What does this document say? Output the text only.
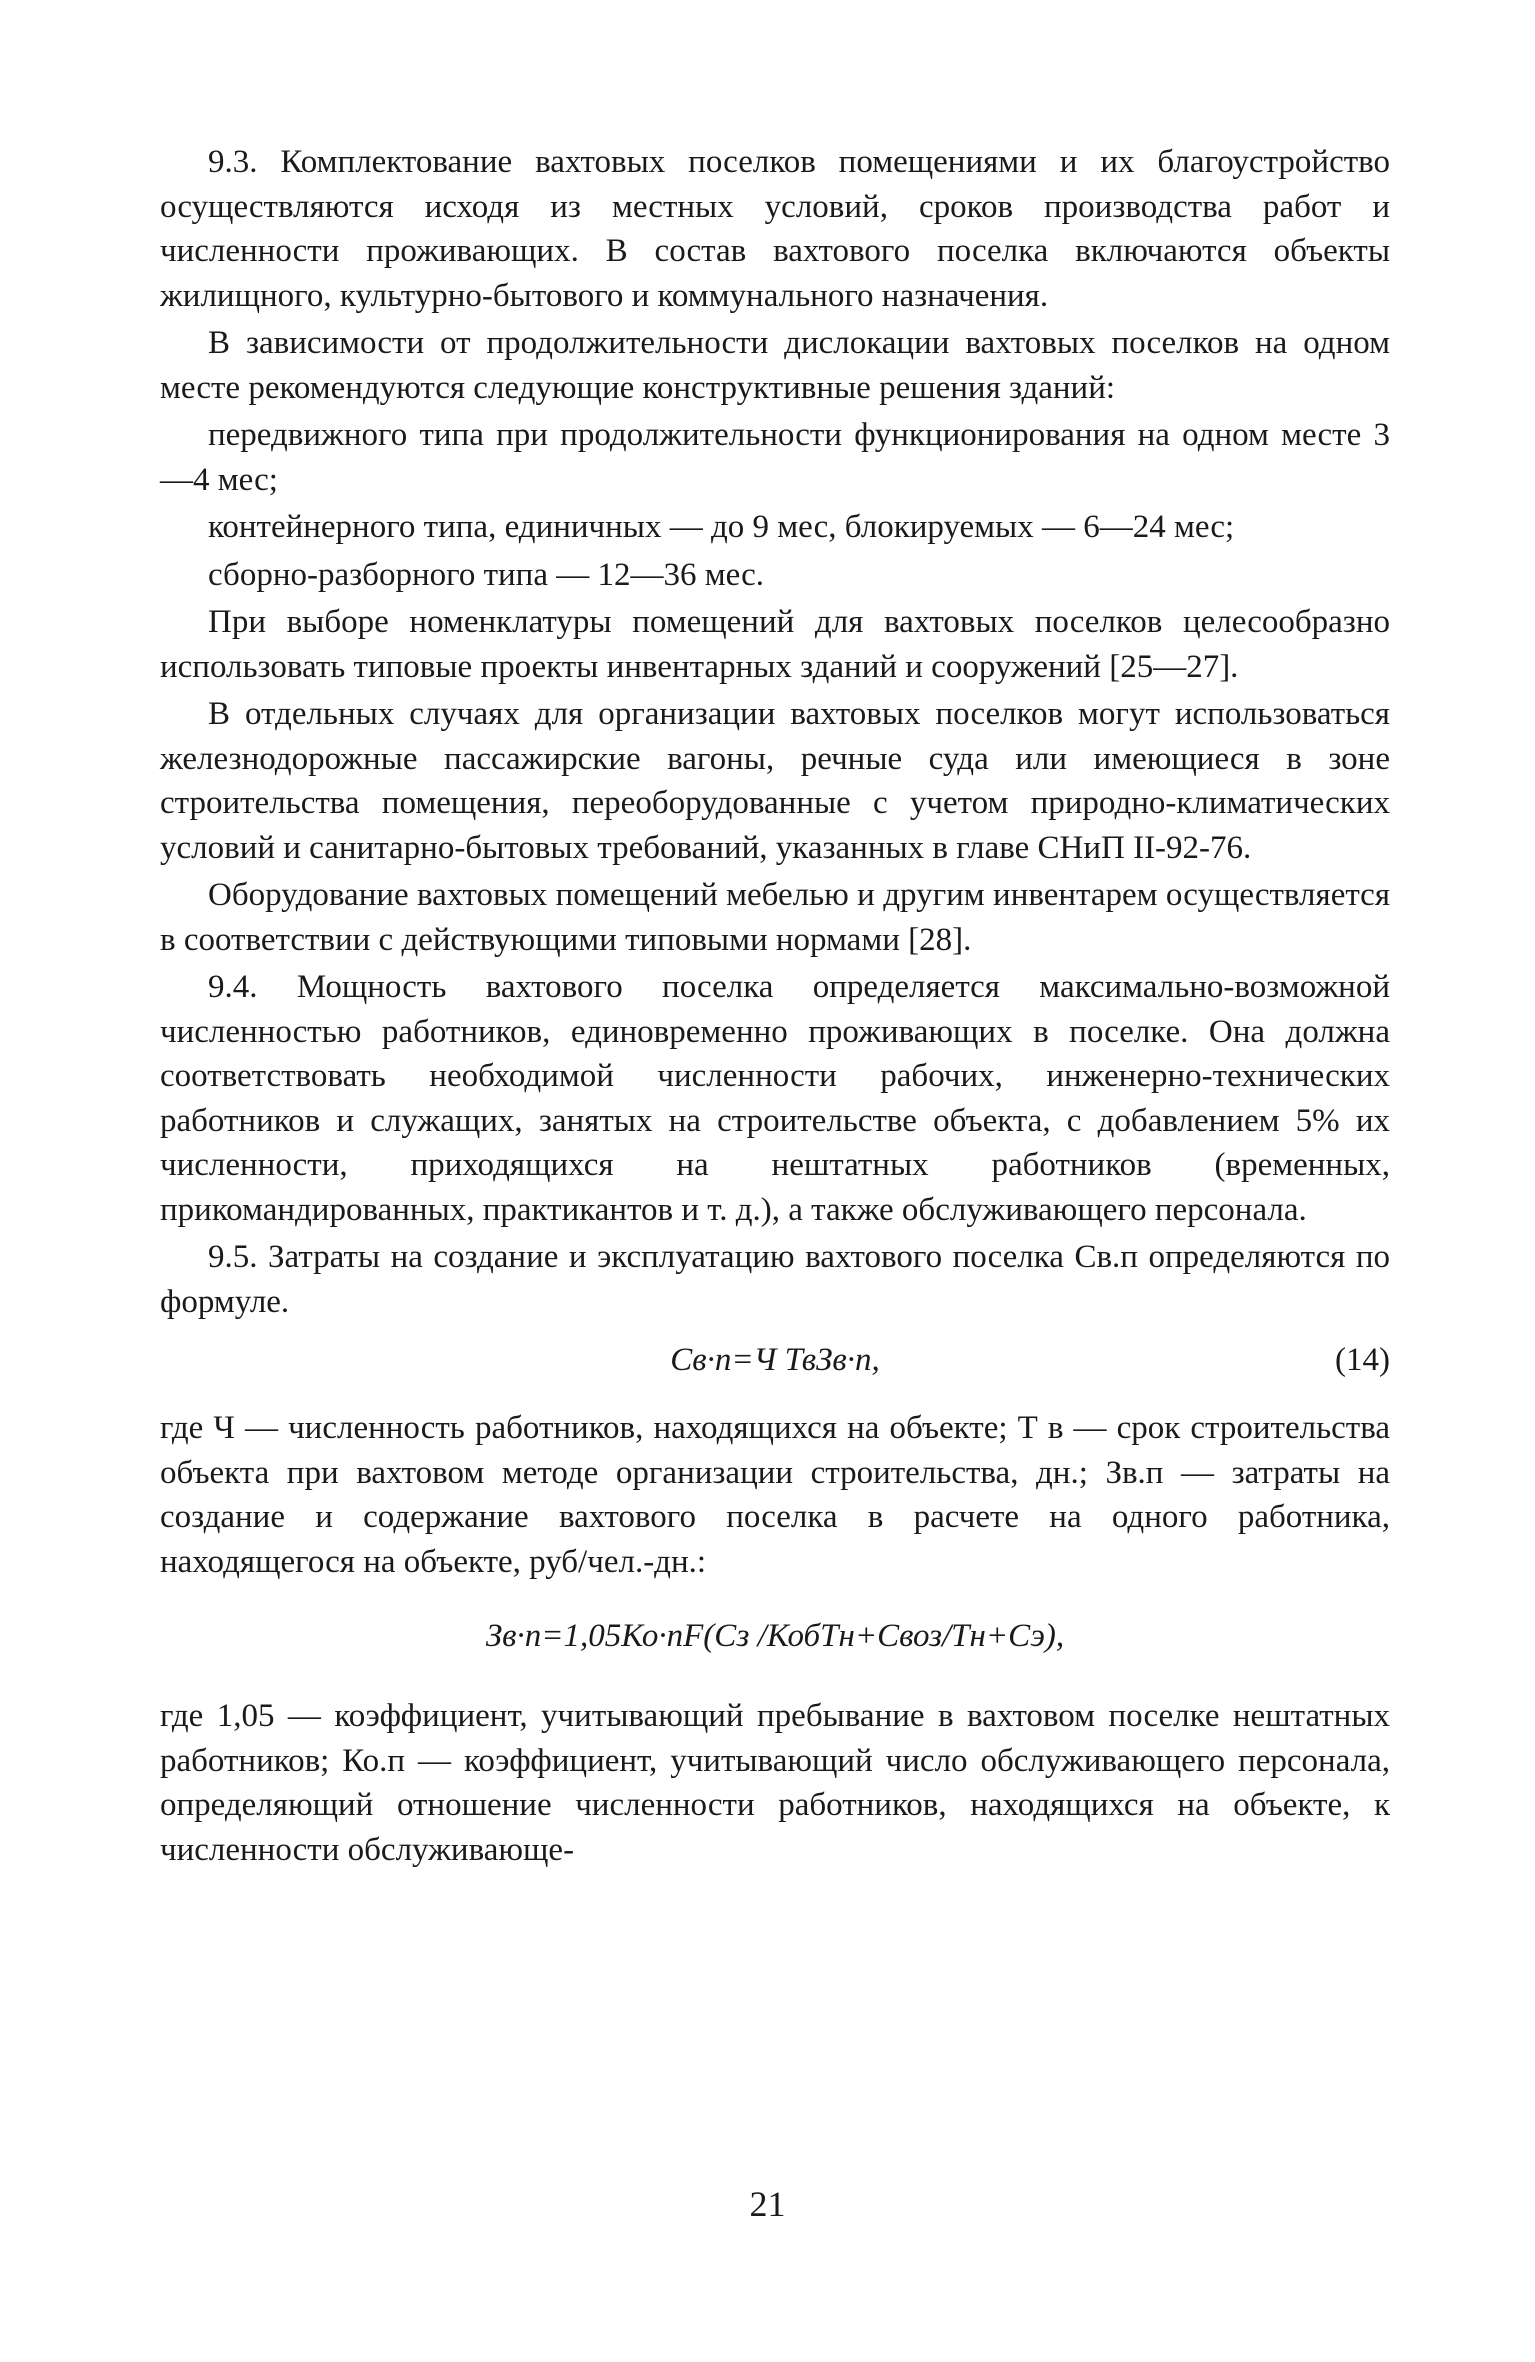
9.3. Комплектование вахтовых поселков помещениями и их благоустройство осуществляются исходя из местных условий, сроков производства работ и численности проживающих. В состав вахтового поселка включаются объекты жилищного, культурно-бытового и коммунального назначения.

В зависимости от продолжительности дислокации вахтовых поселков на одном месте рекомендуются следующие конструктивные решения зданий:

передвижного типа при продолжительности функционирования на одном месте 3—4 мес;

контейнерного типа, единичных — до 9 мес, блокируемых — 6—24 мес;

сборно-разборного типа — 12—36 мес.

При выборе номенклатуры помещений для вахтовых поселков целесообразно использовать типовые проекты инвентарных зданий и сооружений [25—27].

В отдельных случаях для организации вахтовых поселков могут использоваться железнодорожные пассажирские вагоны, речные суда или имеющиеся в зоне строительства помещения, переоборудованные с учетом природно-климатических условий и санитарно-бытовых требований, указанных в главе СНиП II-92-76.

Оборудование вахтовых помещений мебелью и другим инвентарем осуществляется в соответствии с действующими типовыми нормами [28].

9.4. Мощность вахтового поселка определяется максимально-возможной численностью работников, единовременно проживающих в поселке. Она должна соответствовать необходимой численности рабочих, инженерно-технических работников и служащих, занятых на строительстве объекта, с добавлением 5% их численности, приходящихся на нештатных работников (временных, прикомандированных, практикантов и т. д.), а также обслуживающего персонала.

9.5. Затраты на создание и эксплуатацию вахтового поселка Св.п определяются по формуле.

Св·п=Ч ТвЗв·п,	(14)

где Ч — численность работников, находящихся на объекте; Т в — срок строительства объекта при вахтовом методе организации строительства, дн.; Зв.п — затраты на создание и содержание вахтового поселка в расчете на одного работника, находящегося на объекте, руб/чел.-дн.:

Зв·п=1,05Ко·пF(Сз /КобТн+Своз/Тн+Сэ),

где 1,05 — коэффициент, учитывающий пребывание в вахтовом поселке нештатных работников; Ко.п — коэффициент, учитывающий число обслуживающего персонала, определяющий отношение численности работников, находящихся на объекте, к численности обслуживающе-

21
